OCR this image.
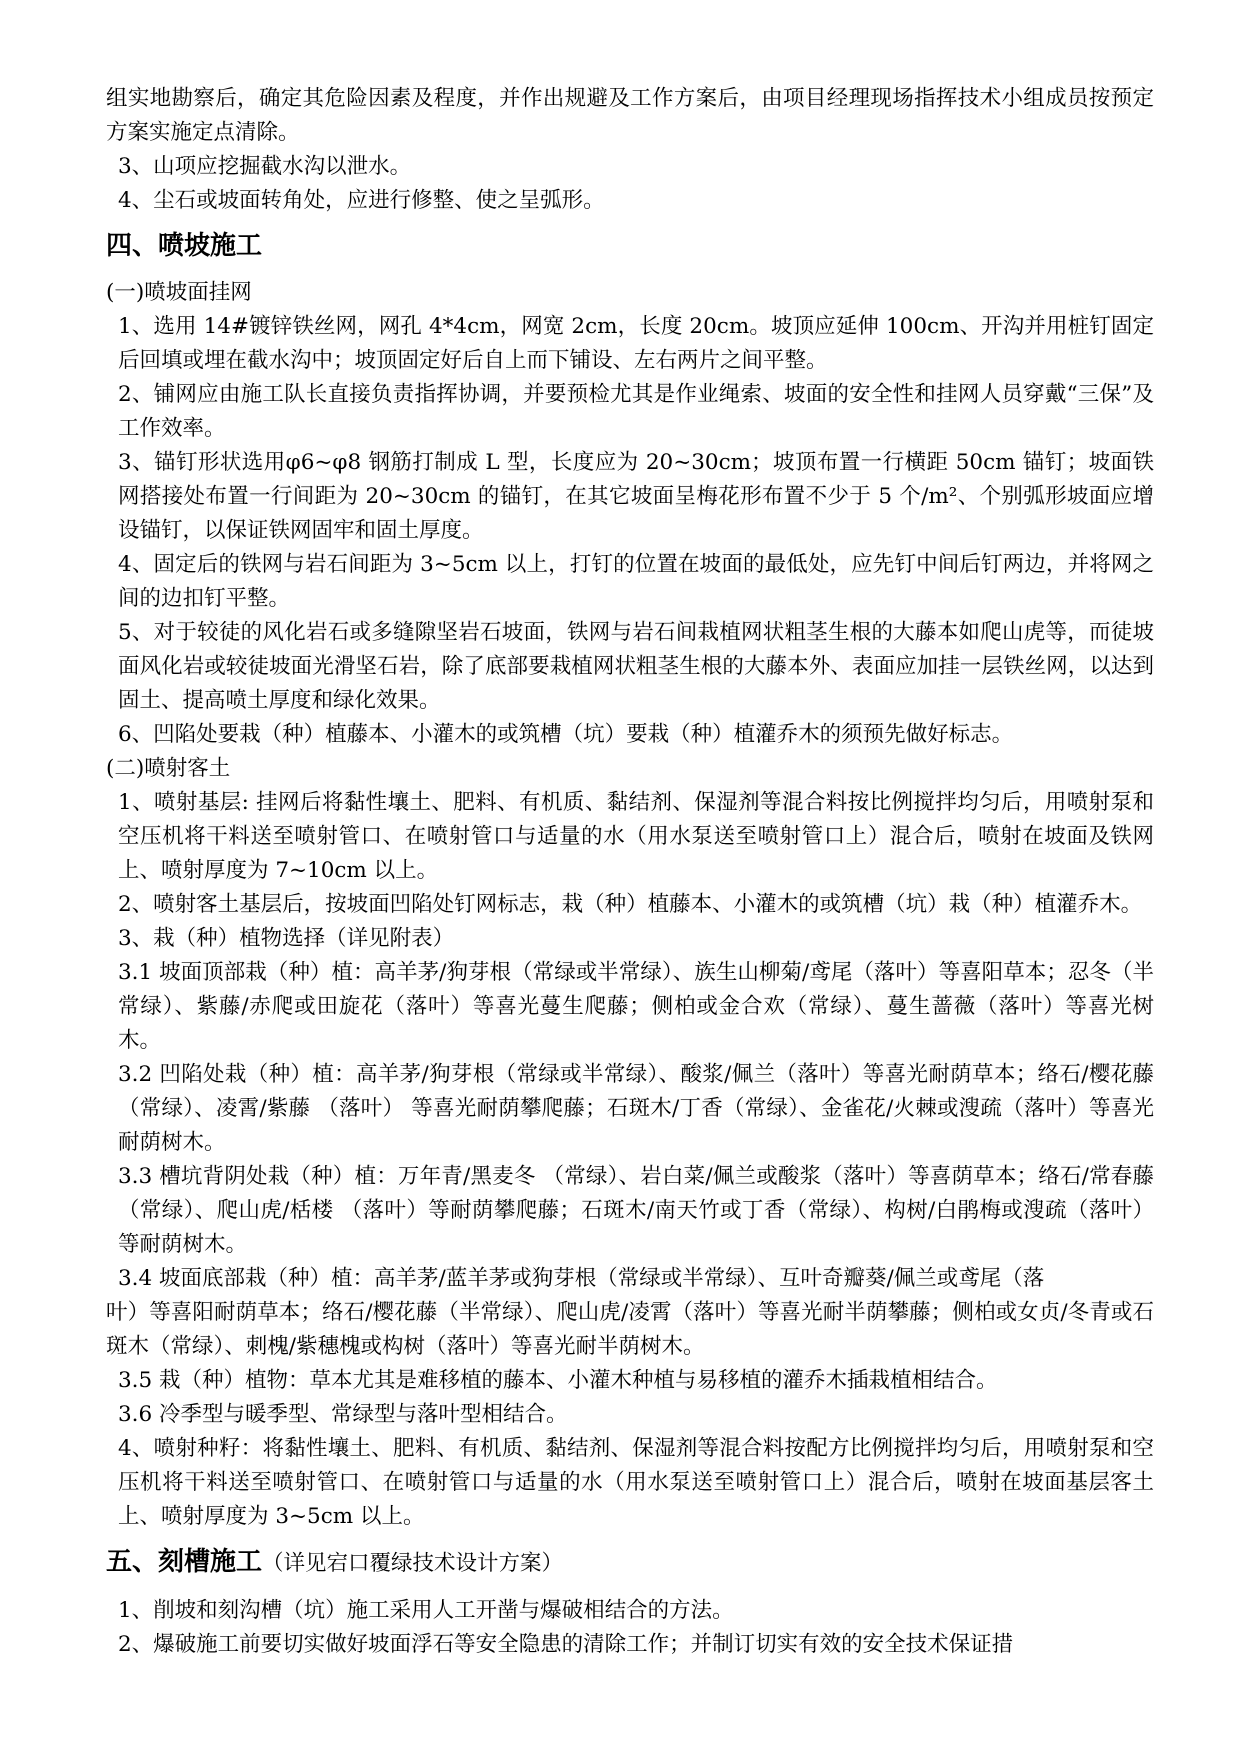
组实地勘察后，确定其危险因素及程度，并作出规避及工作方案后，由项目经理现场指挥技术小组成员按预定方案实施定点清除。

3、山项应挖掘截水沟以泄水。

4、尘石或坡面转角处，应进行修整、使之呈弧形。

四、喷坡施工

(一)喷坡面挂网

1、选用 14#镀锌铁丝网，网孔 4*4cm，网宽 2cm，长度 20cm。坡顶应延伸 100cm、开沟并用桩钉固定后回填或埋在截水沟中；坡顶固定好后自上而下铺设、左右两片之间平整。

2、铺网应由施工队长直接负责指挥协调，并要预检尤其是作业绳索、坡面的安全性和挂网人员穿戴“三保”及工作效率。

3、锚钉形状选用φ6~φ8 钢筋打制成 L 型，长度应为 20~30cm；坡顶布置一行横距 50cm 锚钉；坡面铁网搭接处布置一行间距为 20~30cm 的锚钉，在其它坡面呈梅花形布置不少于 5 个/m²、个别弧形坡面应增设锚钉，以保证铁网固牢和固土厚度。

4、固定后的铁网与岩石间距为 3~5cm 以上，打钉的位置在坡面的最低处，应先钉中间后钉两边，并将网之间的边扣钉平整。

5、对于较徒的风化岩石或多缝隙坚岩石坡面，铁网与岩石间栽植网状粗茎生根的大藤本如爬山虎等，而徒坡面风化岩或较徒坡面光滑坚石岩，除了底部要栽植网状粗茎生根的大藤本外、表面应加挂一层铁丝网，以达到固土、提高喷土厚度和绿化效果。

6、凹陷处要栽（种）植藤本、小灌木的或筑槽（坑）要栽（种）植灌乔木的须预先做好标志。

(二)喷射客土

1、喷射基层: 挂网后将黏性壤土、肥料、有机质、黏结剂、保湿剂等混合料按比例搅拌均匀后，用喷射泵和空压机将干料送至喷射管口、在喷射管口与适量的水（用水泵送至喷射管口上）混合后，喷射在坡面及铁网上、喷射厚度为 7~10cm 以上。

2、喷射客土基层后，按坡面凹陷处钉网标志，栽（种）植藤本、小灌木的或筑槽（坑）栽（种）植灌乔木。

3、栽（种）植物选择（详见附表）

3.1 坡面顶部栽（种）植：高羊茅/狗芽根（常绿或半常绿）、族生山柳菊/鸢尾（落叶）等喜阳草本；忍冬（半常绿）、紫藤/赤爬或田旋花（落叶）等喜光蔓生爬藤；侧柏或金合欢（常绿）、蔓生蔷薇（落叶）等喜光树木。

3.2 凹陷处栽（种）植：高羊茅/狗芽根（常绿或半常绿）、酸浆/佩兰（落叶）等喜光耐荫草本；络石/樱花藤（常绿）、凌霄/紫藤 （落叶） 等喜光耐荫攀爬藤；石斑木/丁香（常绿）、金雀花/火棘或溲疏（落叶）等喜光耐荫树木。

3.3 槽坑背阴处栽（种）植：万年青/黑麦冬 （常绿）、岩白菜/佩兰或酸浆（落叶）等喜荫草本；络石/常春藤（常绿）、爬山虎/栝楼 （落叶）等耐荫攀爬藤；石斑木/南天竹或丁香（常绿）、构树/白鹃梅或溲疏（落叶）等耐荫树木。

3.4 坡面底部栽（种）植：高羊茅/蓝羊茅或狗芽根（常绿或半常绿）、互叶奇瓣葵/佩兰或鸢尾（落

叶）等喜阳耐荫草本；络石/樱花藤（半常绿）、爬山虎/凌霄（落叶）等喜光耐半荫攀藤；侧柏或女贞/冬青或石斑木（常绿）、刺槐/紫穗槐或构树（落叶）等喜光耐半荫树木。

3.5 栽（种）植物：草本尤其是难移植的藤本、小灌木种植与易移植的灌乔木插栽植相结合。

3.6 冷季型与暖季型、常绿型与落叶型相结合。

4、喷射种籽：将黏性壤土、肥料、有机质、黏结剂、保湿剂等混合料按配方比例搅拌均匀后，用喷射泵和空压机将干料送至喷射管口、在喷射管口与适量的水（用水泵送至喷射管口上）混合后，喷射在坡面基层客土上、喷射厚度为 3~5cm 以上。

五、刻槽施工（详见宕口覆绿技术设计方案）

1、削坡和刻沟槽（坑）施工采用人工开凿与爆破相结合的方法。

2、爆破施工前要切实做好坡面浮石等安全隐患的清除工作；并制订切实有效的安全技术保证措
